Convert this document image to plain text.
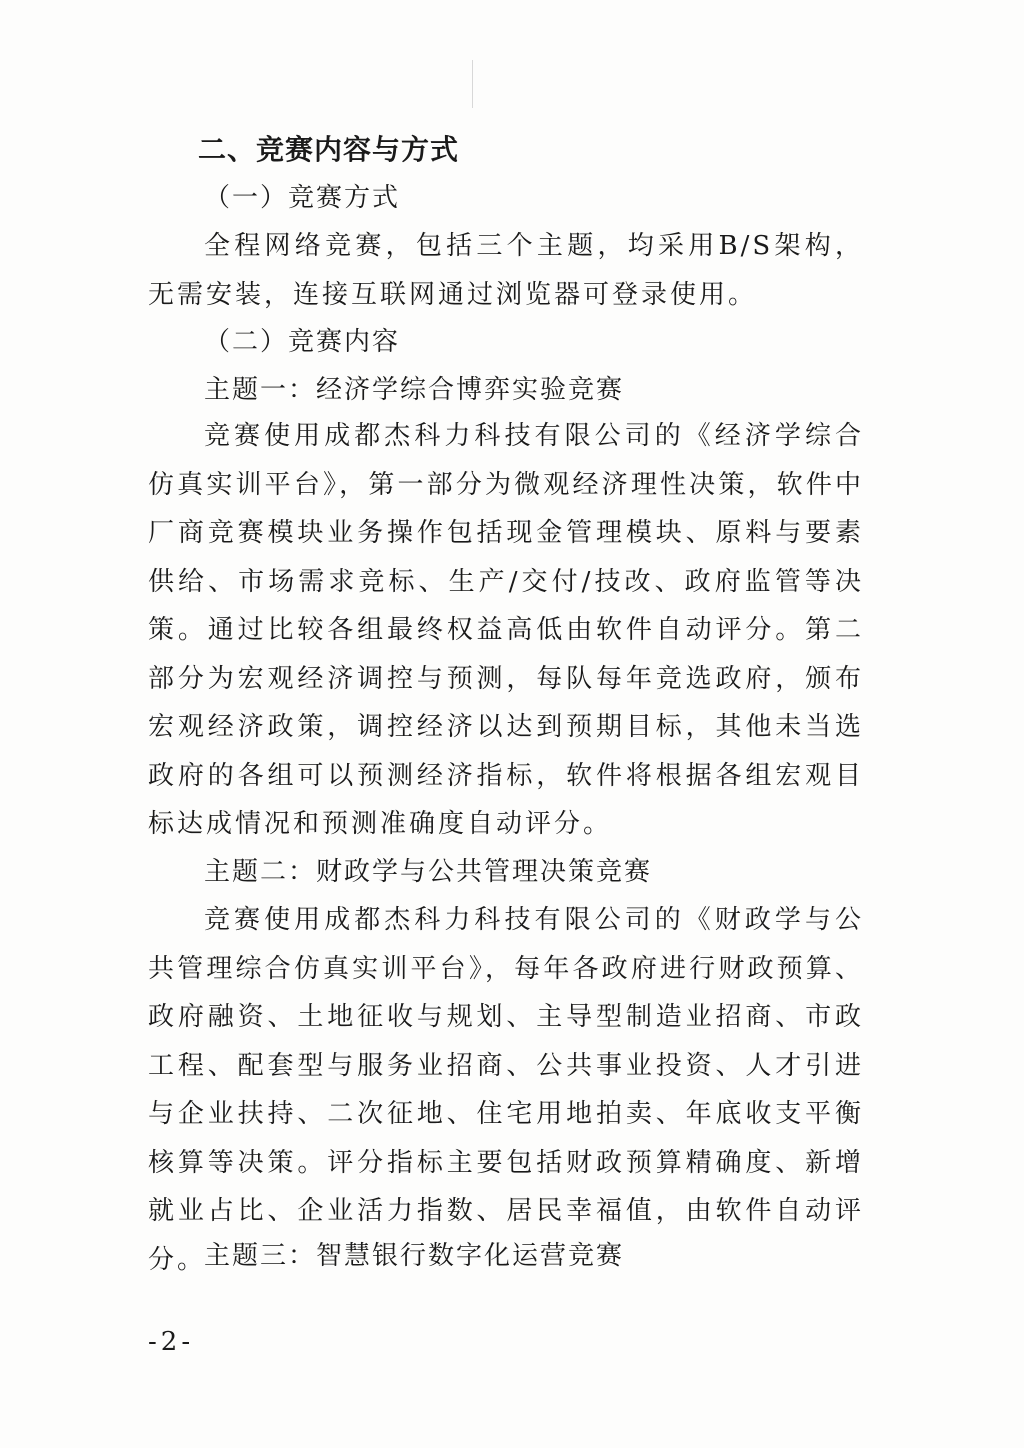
二、竞赛内容与方式
（一）竞赛方式

全程网络竞赛，包括三个主题，均采用B/S架构，无需安装，连接互联网通过浏览器可登录使用。

（二）竞赛内容
主题一：经济学综合博弈实验竞赛

竞赛使用成都杰科力科技有限公司的《经济学综合仿真实训平台》，第一部分为微观经济理性决策，软件中厂商竞赛模块业务操作包括现金管理模块、原料与要素供给、市场需求竞标、生产/交付/技改、政府监管等决策。通过比较各组最终权益高低由软件自动评分。第二部分为宏观经济调控与预测，每队每年竞选政府，颁布宏观经济政策，调控经济以达到预期目标，其他未当选政府的各组可以预测经济指标，软件将根据各组宏观目标达成情况和预测准确度自动评分。

主题二：财政学与公共管理决策竞赛

竞赛使用成都杰科力科技有限公司的《财政学与公共管理综合仿真实训平台》，每年各政府进行财政预算、政府融资、土地征收与规划、主导型制造业招商、市政工程、配套型与服务业招商、公共事业投资、人才引进与企业扶持、二次征地、住宅用地拍卖、年底收支平衡核算等决策。评分指标主要包括财政预算精确度、新增就业占比、企业活力指数、居民幸福值，由软件自动评分。

主题三：智慧银行数字化运营竞赛
-2-
